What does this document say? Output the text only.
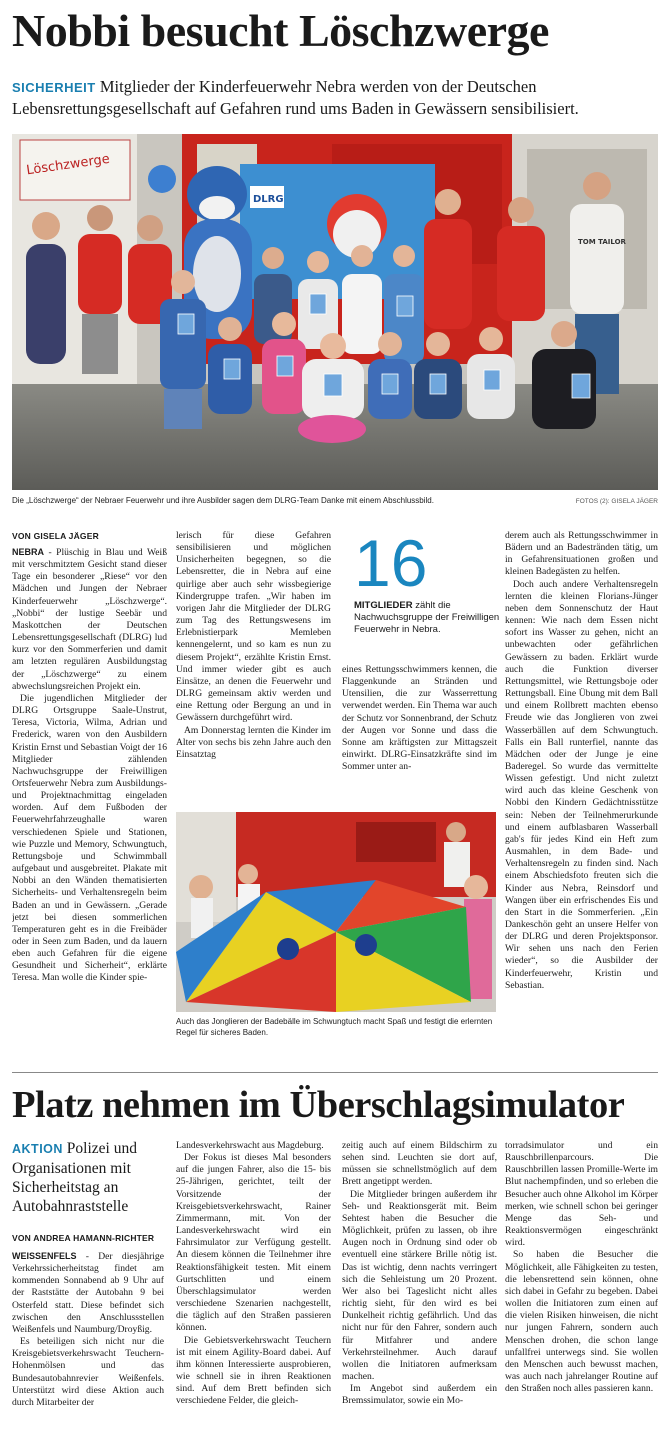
Nobbi besucht Löschzwerge
SICHERHEIT Mitglieder der Kinderfeuerwehr Nebra werden von der Deutschen Lebensrettungsgesellschaft auf Gefahren rund ums Baden in Gewässern sensibilisiert.
Löschzwerge
DLRG
TOM TAILOR
Die „Löschzwerge“ der Nebraer Feuerwehr und ihre Ausbilder sagen dem DLRG-Team Danke mit einem Abschlussbild.	FOTOS (2): GISELA JÄGER
VON GISELA JÄGER

NEBRA - Plüschig in Blau und Weiß mit verschmitztem Gesicht stand dieser Tage ein besonderer „Riese“ vor den Mädchen und Jungen der Nebraer Kinderfeuerwehr „Löschzwerge“. „Nobbi“ der lustige Seebär und Maskottchen der Deutschen Lebensrettungsgesellschaft (DLRG) lud kurz vor den Sommerferien und damit am letzten regulären Ausbildungstag der „Löschzwerge“ zu einem abwechslungsreichen Projekt ein.

Die jugendlichen Mitglieder der DLRG Ortsgruppe Saale-Unstrut, Teresa, Victoria, Wilma, Adrian und Frederick, waren von den Ausbildern Kristin Ernst und Sebastian Voigt der 16 Mitglieder zählenden Nachwuchsgruppe der Freiwilligen Ortsfeuerwehr Nebra zum Ausbildungs- und Projektnachmittag eingeladen worden. Auf dem Fußboden der Feuerwehrfahrzeughalle waren verschiedenen Spiele und Stationen, wie Puzzle und Memory, Schwungtuch, Rettungsboje und Schwimmball aufgebaut und ausgebreitet. Plakate mit Nobbi an den Wänden thematisierten Sicherheits- und Verhaltensregeln beim Baden an und in Gewässern. „Gerade jetzt bei diesen sommerlichen Temperaturen geht es in die Freibäder oder in Seen zum Baden, und da lauern eben auch Gefahren für die eigene Gesundheit und Sicherheit“, erklärte Teresa. Man wolle die Kinder spie-

lerisch für diese Gefahren sensibilisieren und möglichen Unsicherheiten begegnen, so die Lebensretter, die in Nebra auf eine quirlige aber auch sehr wissbegierige Kindergruppe trafen. „Wir haben im vorigen Jahr die Mitglieder der DLRG zum Tag des Rettungswesens im Erlebnistierpark Memleben kennengelernt, und so kam es nun zu diesem Projekt“, erzählte Kristin Ernst. Und immer wieder gibt es auch Einsätze, an denen die Feuerwehr und DLRG gemeinsam aktiv werden und eine Rettung oder Bergung an und in Gewässern durchgeführt wird.

Am Donnerstag lernten die Kinder im Alter von sechs bis zehn Jahre auch den Einsatztag

16
MITGLIEDER zählt die Nachwuchsgruppe der Freiwilligen Feuerwehr in Nebra.

eines Rettungsschwimmers kennen, die Flaggenkunde an Stränden und Utensilien, die zur Wasserrettung verwendet werden. Ein Thema war auch der Schutz vor Sonnenbrand, der Schutz der Augen vor Sonne und dass die Sonne am kräftigsten zur Mittagszeit einwirkt. DLRG-Einsatzkräfte sind im Sommer unter an-

derem auch als Rettungsschwimmer in Bädern und an Badestränden tätig, um in Gefahrensituationen großen und kleinen Badegästen zu helfen.

Doch auch andere Verhaltensregeln lernten die kleinen Florians-Jünger neben dem Sonnenschutz der Haut kennen: Wie nach dem Essen nicht sofort ins Wasser zu gehen, nicht an unbewachten oder gefährlichen Gewässern zu baden. Erklärt wurde auch die Funktion diverser Rettungsmittel, wie Rettungsboje oder Rettungsball. Eine Übung mit dem Ball und einem Rollbrett machten ebenso Freude wie das Jonglieren von zwei Wasserbällen auf dem Schwungtuch. Falls ein Ball runterfiel, nannte das Mädchen oder der Junge je eine Baderegel. So wurde das vermittelte Wissen gefestigt. Und nicht zuletzt wird auch das kleine Geschenk von Nobbi den Kindern Gedächtnisstütze sein: Neben der Teilnehmerurkunde und einem aufblasbaren Wasserball gab's für jedes Kind ein Heft zum Ausmahlen, in dem Bade- und Verhaltensregeln zu finden sind. Nach einem Abschiedsfoto freuten sich die Kinder aus Nebra, Reinsdorf und Wangen über ein erfrischendes Eis und den Start in die Sommerferien. „Ein Dankeschön geht an unsere Helfer von der DLRG und deren Projektsponsor. Wir sehen uns nach den Ferien wieder“, so die Ausbilder der Kinderfeuerwehr, Kristin und Sebastian.

Auch das Jonglieren der Badebälle im Schwungtuch macht Spaß und festigt die erlernten Regel für sicheres Baden.
Platz nehmen im Überschlagsimulator
AKTION Polizei und Organisationen mit Sicherheitstag an Autobahnraststelle
VON ANDREA HAMANN-RICHTER

WEISSENFELS - Der diesjährige Verkehrssicherheitstag findet am kommenden Sonnabend ab 9 Uhr auf der Raststätte der Autobahn 9 bei Osterfeld statt. Diese befindet sich zwischen den Anschlussstellen Weißenfels und Naumburg/Droyßig.

Es beteiligen sich nicht nur die Kreisgebietsverkehrswacht Teuchern-Hohenmölsen und das Bundesautobahnrevier Weißenfels. Unterstützt wird diese Aktion auch durch Mitarbeiter der

Landesverkehrswacht aus Magdeburg.

Der Fokus ist dieses Mal besonders auf die jungen Fahrer, also die 15- bis 25-Jährigen, gerichtet, teilt der Vorsitzende der Kreisgebietsverkehrswacht, Rainer Zimmermann, mit. Von der Landesverkehrswacht wird ein Fahrsimulator zur Verfügung gestellt. An diesem können die Teilnehmer ihre Reaktionsfähigkeit testen. Mit einem Gurtschlitten und einem Überschlagsimulator werden verschiedene Szenarien nachgestellt, die täglich auf den Straßen passieren können.

Die Gebietsverkehrswacht Teuchern ist mit einem Agility-Board dabei. Auf ihm können Interessierte ausprobieren, wie schnell sie in ihren Reaktionen sind. Auf dem Brett befinden sich verschiedene Felder, die gleich-

zeitig auch auf einem Bildschirm zu sehen sind. Leuchten sie dort auf, müssen sie schnellstmöglich auf dem Brett angetippt werden.

Die Mitglieder bringen außerdem ihr Seh- und Reaktionsgerät mit. Beim Sehtest haben die Besucher die Möglichkeit, prüfen zu lassen, ob ihre Augen noch in Ordnung sind oder ob eventuell eine stärkere Brille nötig ist. Das ist wichtig, denn nachts verringert sich die Sehleistung um 20 Prozent. Wer also bei Tageslicht nicht alles richtig sieht, für den wird es bei Dunkelheit richtig gefährlich. Und das nicht nur für den Fahrer, sondern auch für Mitfahrer und andere Verkehrsteilnehmer. Auch darauf wollen die Initiatoren aufmerksam machen.

Im Angebot sind außerdem ein Bremssimulator, sowie ein Mo-

torradsimulator und ein Rauschbrillenparcours. Die Rauschbrillen lassen Promille-Werte im Blut nachempfinden, und so erleben die Besucher auch ohne Alkohol im Körper merken, wie schnell schon bei geringer Menge das Seh- und Reaktionsvermögen eingeschränkt wird.

So haben die Besucher die Möglichkeit, alle Fähigkeiten zu testen, die lebensrettend sein können, ohne sich dabei in Gefahr zu begeben. Dabei wollen die Initiatoren zum einen auf die vielen Risiken hinweisen, die nicht nur jungen Fahrern, sondern auch Menschen drohen, die schon lange unfallfrei unterwegs sind. Sie wollen den Menschen auch bewusst machen, was auch nach jahrelanger Routine auf den Straßen noch alles passieren kann.
